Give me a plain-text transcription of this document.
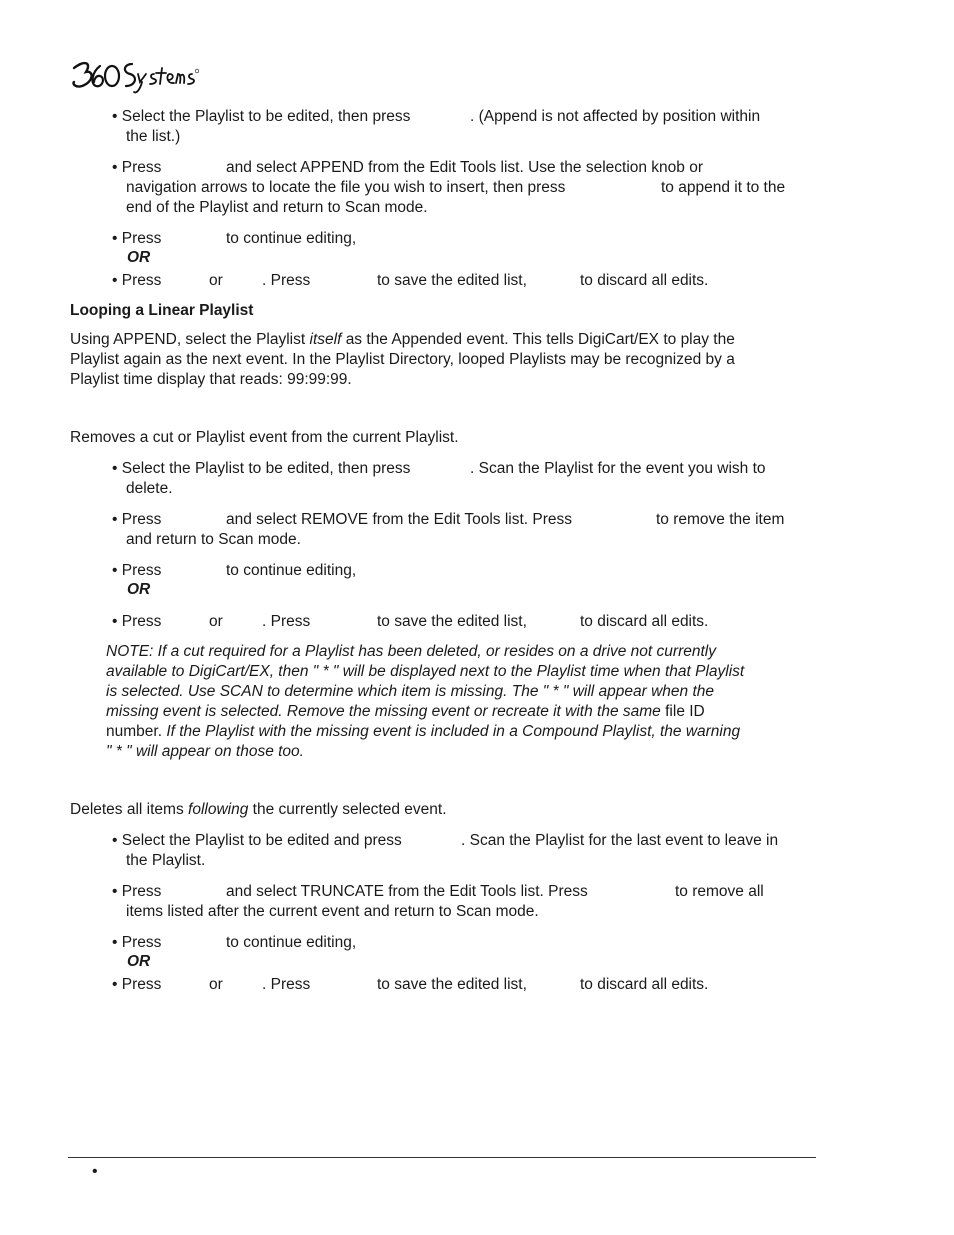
• Select the Playlist to be edited, then press	. (Append is not affected by position within
the list.)
• Press	and select APPEND from the Edit Tools list. Use the selection knob or
navigation arrows to locate the file you wish to insert, then press	to append it to the
end of the Playlist and return to Scan mode.
• Press	to continue editing,
OR
• Press	or	. Press	to save the edited list,	to discard all edits.
Looping a Linear Playlist
Using APPEND, select the Playlist itself as the Appended event. This tells DigiCart/EX to play the
Playlist again as the next event. In the Playlist Directory, looped Playlists may be recognized by a
Playlist time display that reads: 99:99:99.
Removes a cut or Playlist event from the current Playlist.
• Select the Playlist to be edited, then press	. Scan the Playlist for the event you wish to
delete.
• Press	and select REMOVE from the Edit Tools list. Press	to remove the item
and return to Scan mode.
• Press	to continue editing,
OR
• Press	or	. Press	to save the edited list,	to discard all edits.
NOTE: If a cut required for a Playlist has been deleted, or resides on a drive not currently
available to DigiCart/EX, then " * " will be displayed next to the Playlist time when that Playlist
is selected. Use SCAN to determine which item is missing. The " * " will appear when the
missing event is selected. Remove the missing event or recreate it with the same file ID
number. If the Playlist with the missing event is included in a Compound Playlist, the warning
" * " will appear on those too.
Deletes all items following the currently selected event.
• Select the Playlist to be edited and press	. Scan the Playlist for the last event to leave in
the Playlist.
• Press	and select TRUNCATE from the Edit Tools list. Press	to remove all
items listed after the current event and return to Scan mode.
• Press	to continue editing,
OR
• Press	or	. Press	to save the edited list,	to discard all edits.
•
